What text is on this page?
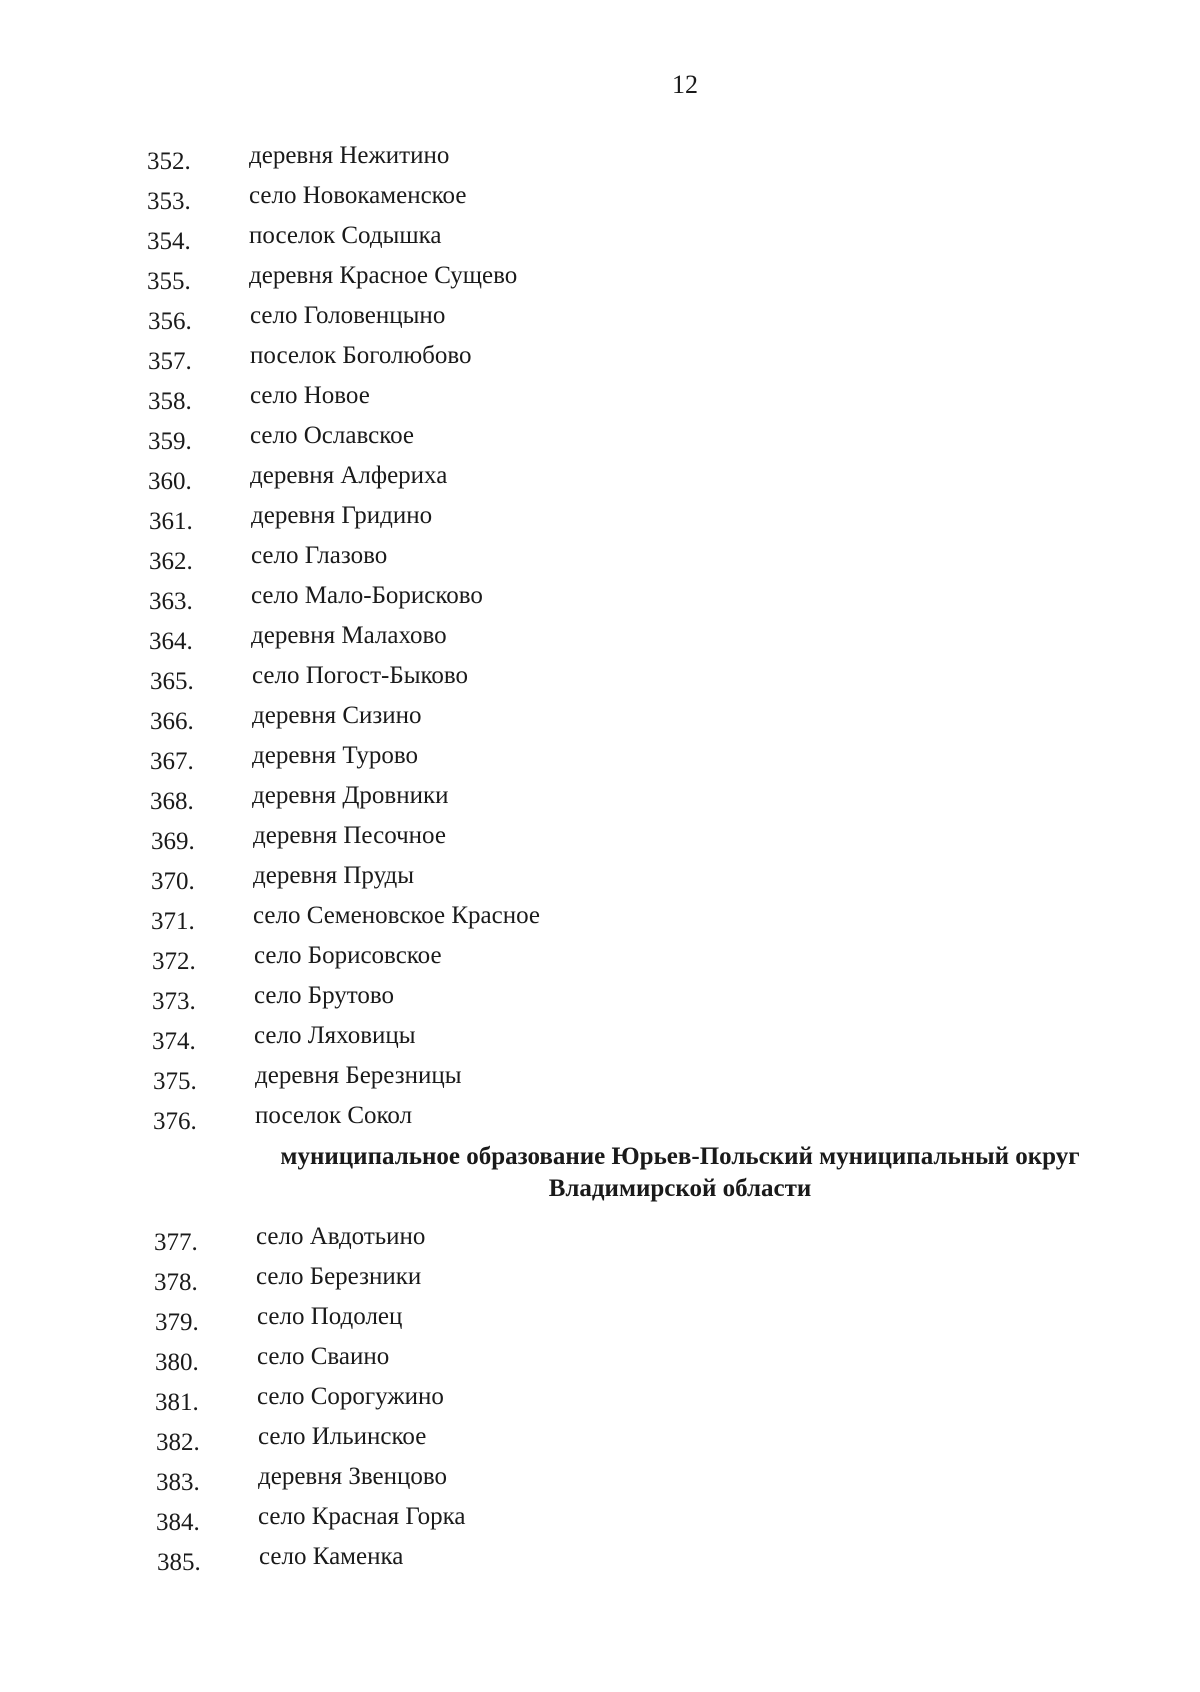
12
352. деревня Нежитино
353. село Новокаменское
354. поселок Содышка
355. деревня Красное Сущево
356. село Головенцыно
357. поселок Боголюбово
358. село Новое
359. село Ославское
360. деревня Алфериха
361. деревня Гридино
362. село Глазово
363. село Мало-Борисково
364. деревня Малахово
365. село Погост-Быково
366. деревня Сизино
367. деревня Турово
368. деревня Дровники
369. деревня Песочное
370. деревня Пруды
371. село Семеновское Красное
372. село Борисовское
373. село Брутово
374. село Ляховицы
375. деревня Березницы
376. поселок Сокол
муниципальное образование Юрьев-Польский муниципальный округ
Владимирской области
377. село Авдотьино
378. село Березники
379. село Подолец
380. село Сваино
381. село Сорогужино
382. село Ильинское
383. деревня Звенцово
384. село Красная Горка
385. село Каменка
